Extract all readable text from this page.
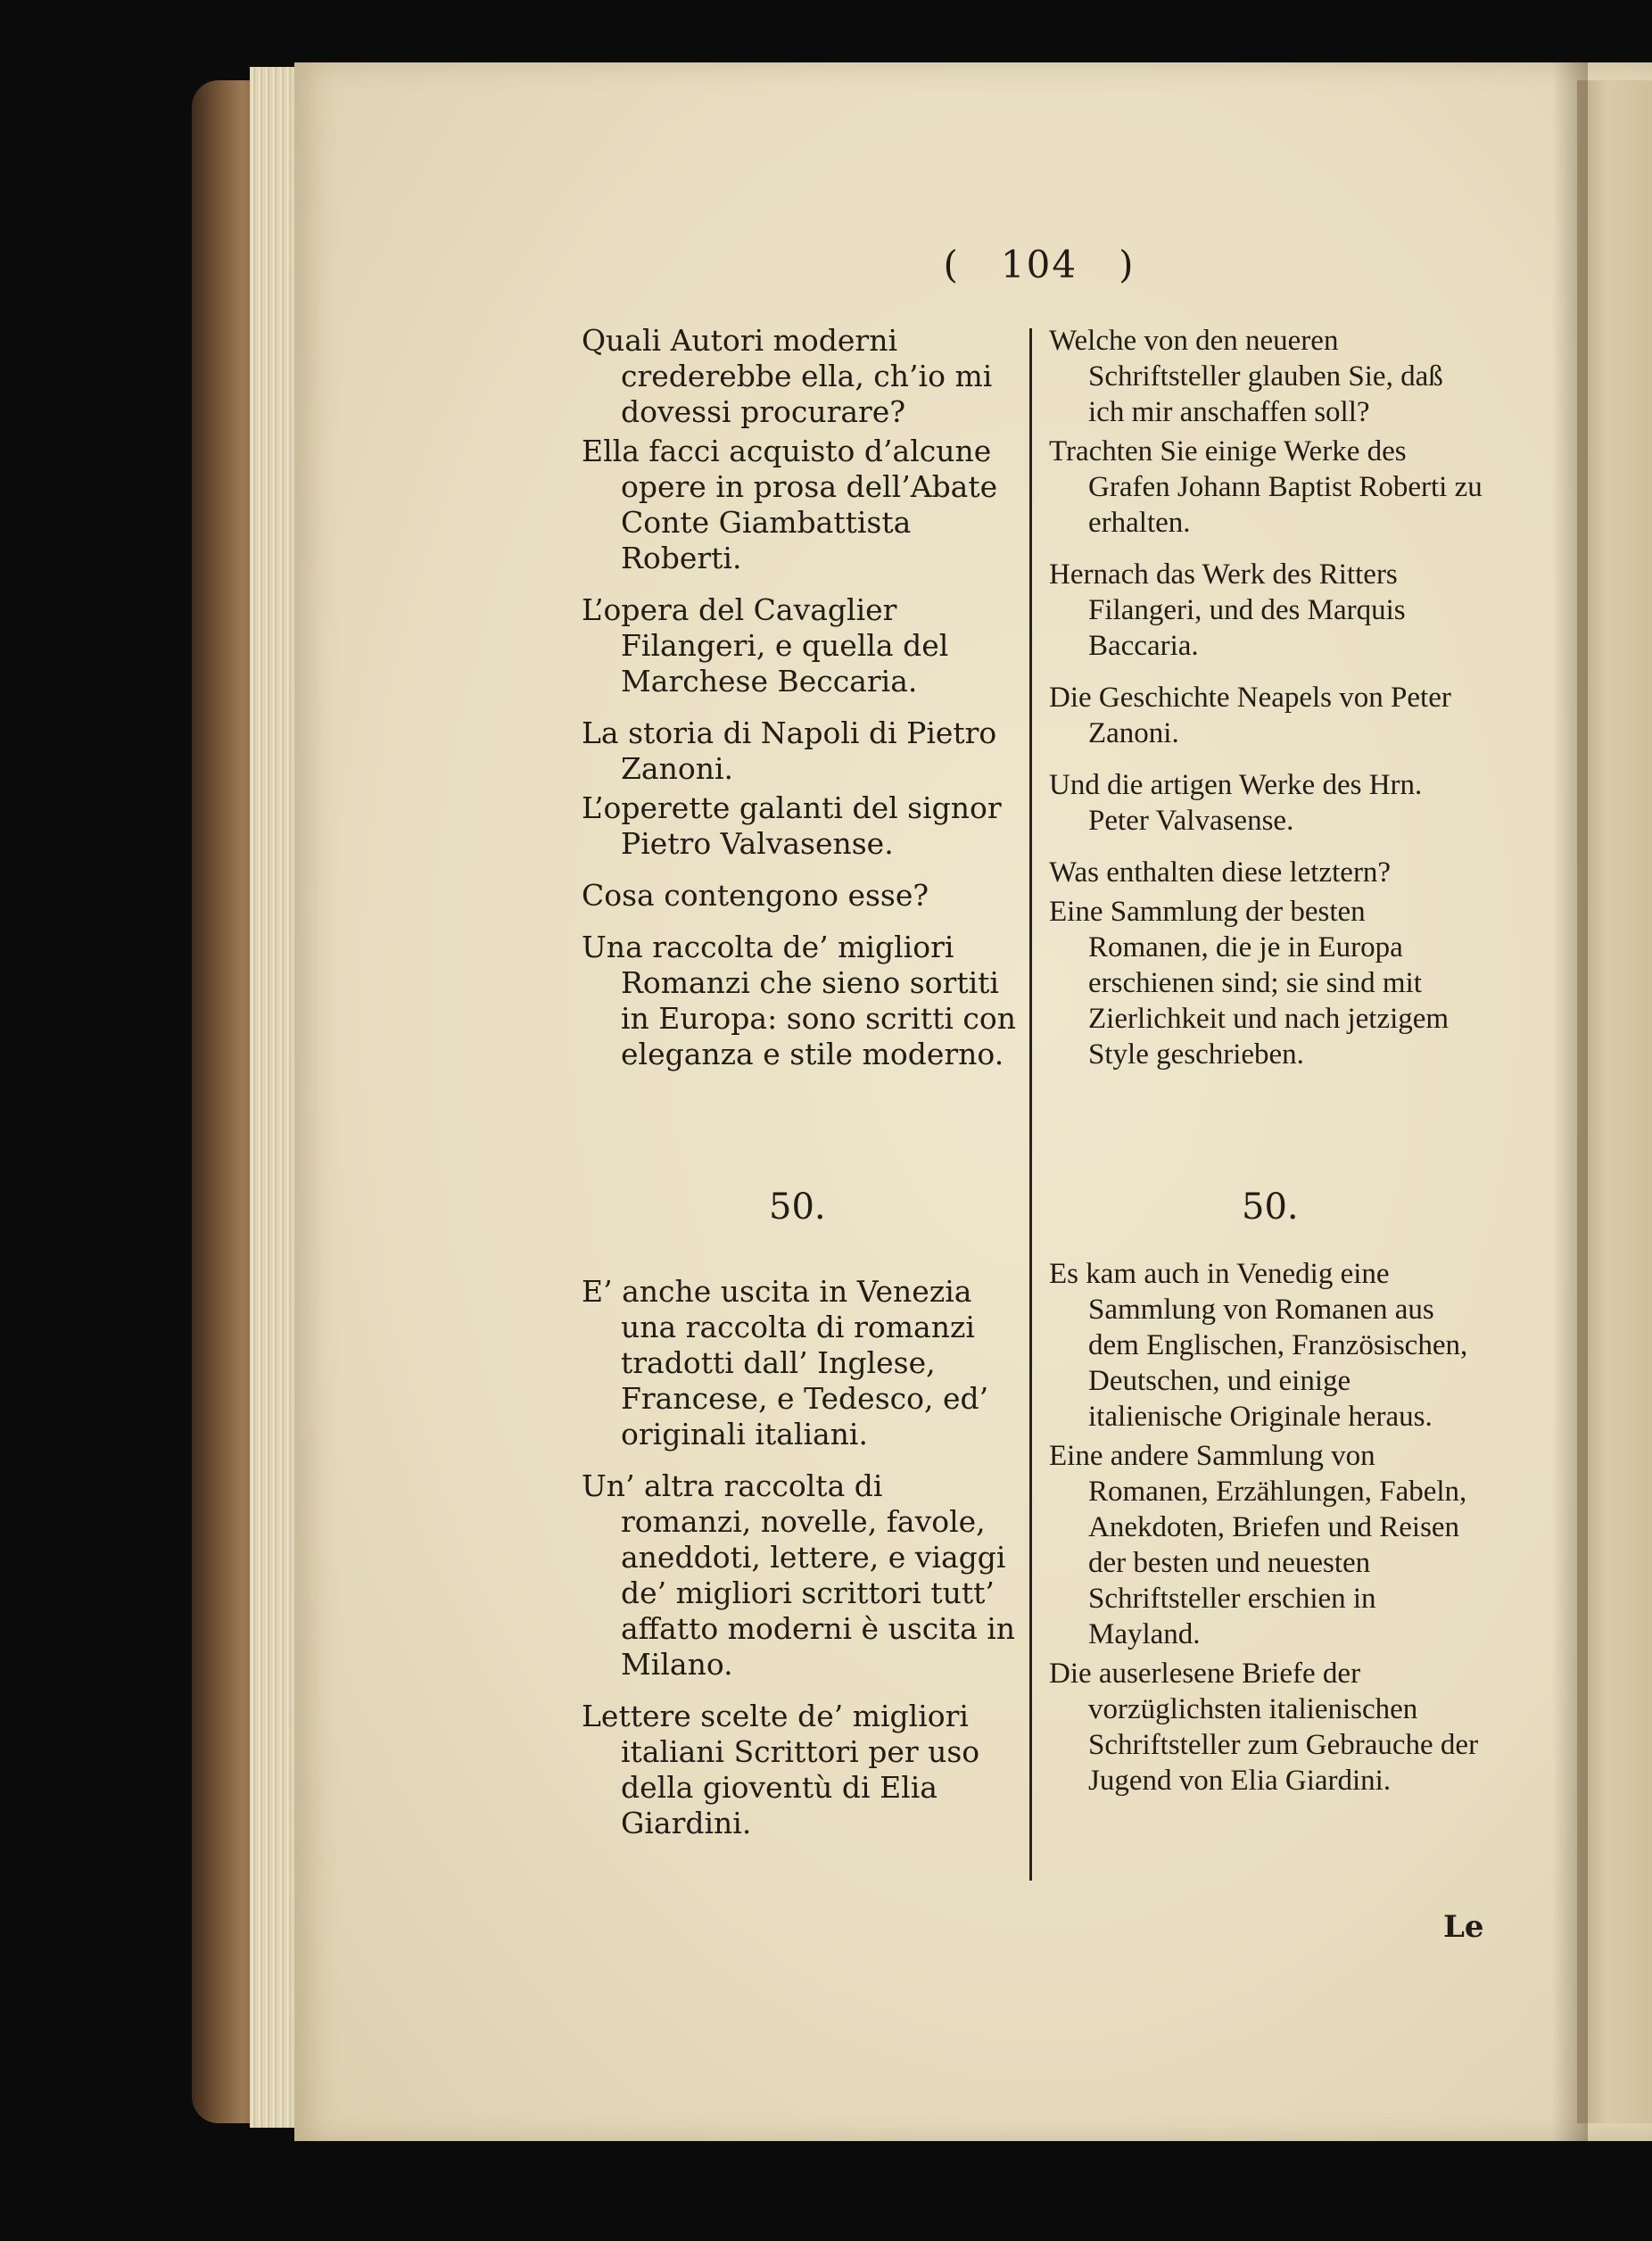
( 104 )
Quali Autori moderni crederebbe ella, ch’io mi dovessi procurare?
Ella facci acquisto d’alcune opere in prosa dell’Abate Conte Giambattista Roberti.
L’opera del Cavaglier Filangeri, e quella del Marchese Beccaria.
La storia di Napoli di Pietro Zanoni.
L’operette galanti del signor Pietro Valvasense.
Cosa contengono esse?
Una raccolta de’ migliori Romanzi che sieno sortiti in Europa: sono scritti con eleganza e stile moderno.
Welche von den neueren Schriftsteller glauben Sie, daß ich mir anschaffen soll?
Trachten Sie einige Werke des Grafen Johann Baptist Roberti zu erhalten.
Hernach das Werk des Ritters Filangeri, und des Marquis Baccaria.
Die Geschichte Neapels von Peter Zanoni.
Und die artigen Werke des Hrn. Peter Valvasense.
Was enthalten diese letztern?
Eine Sammlung der besten Romanen, die je in Europa erschienen sind; sie sind mit Zierlichkeit und nach jetzigem Style geschrieben.
50.	50.
E’ anche uscita in Venezia una raccolta di romanzi tradotti dall’ Inglese, Francese, e Tedesco, ed’ originali italiani.
Un’ altra raccolta di romanzi, novelle, favole, aneddoti, lettere, e viaggi de’ migliori scrittori tutt’ affatto moderni è uscita in Milano.
Lettere scelte de’ migliori italiani Scrittori per uso della gioventù di Elia Giardini.
Es kam auch in Venedig eine Sammlung von Romanen aus dem Englischen, Französischen, Deutschen, und einige italienische Originale heraus.
Eine andere Sammlung von Romanen, Erzählungen, Fabeln, Anekdoten, Briefen und Reisen der besten und neuesten Schriftsteller erschien in Mayland.
Die auserlesene Briefe der vorzüglichsten italienischen Schriftsteller zum Gebrauche der Jugend von Elia Giardini.
Le
